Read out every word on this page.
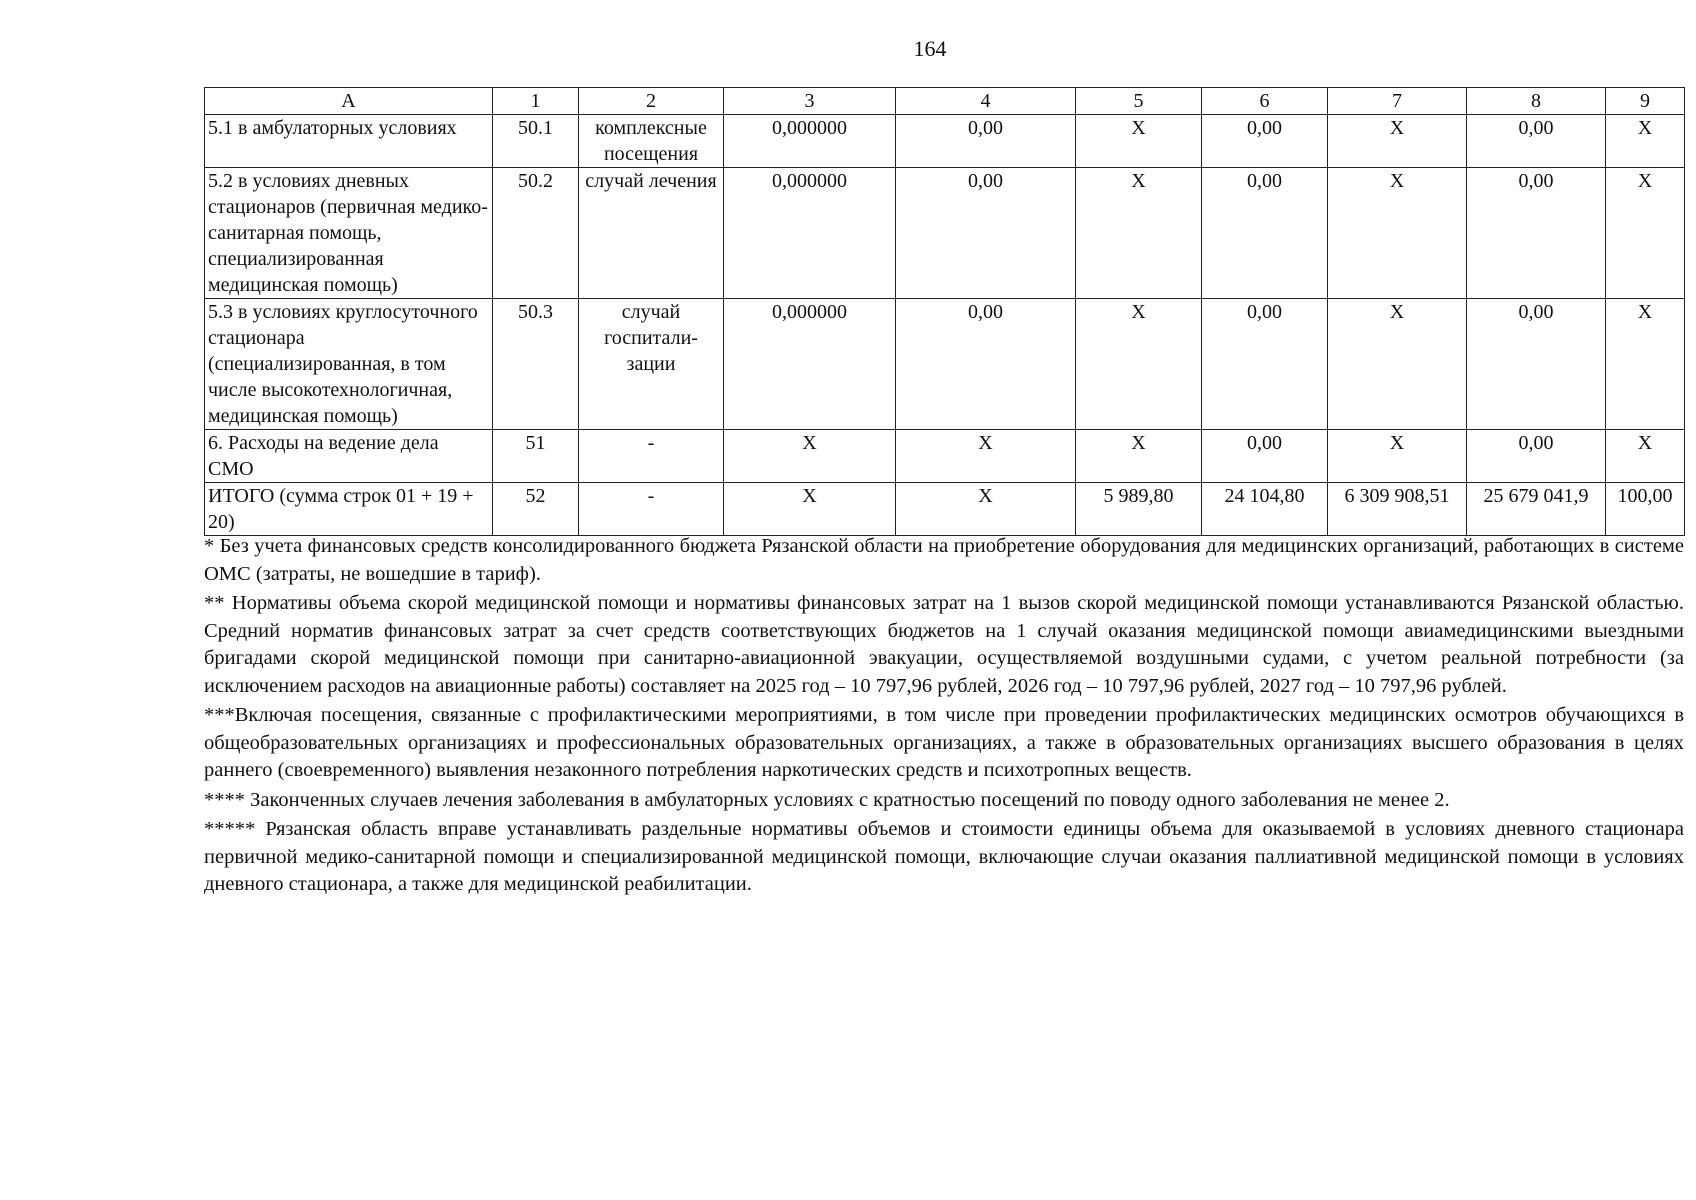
164
А	1	2	3	4	5	6	7	8	9
5.1 в амбулаторных условиях	50.1	комплексные посещения	0,000000	0,00	X	0,00	X	0,00	X
5.2 в условиях дневных стационаров (первичная медико-санитарная помощь, специализированная медицинская помощь)	50.2	случай лечения	0,000000	0,00	X	0,00	X	0,00	X
5.3 в условиях круглосуточного стационара (специализированная, в том числе высокотехнологичная, медицинская помощь)	50.3	случай госпитали-зации	0,000000	0,00	X	0,00	X	0,00	X
6. Расходы на ведение дела СМО	51	-	X	X	X	0,00	X	0,00	X
ИТОГО (сумма строк 01 + 19 + 20)	52	-	X	X	5 989,80	24 104,80	6 309 908,51	25 679 041,9	100,00

* Без учета финансовых средств консолидированного бюджета Рязанской области на приобретение оборудования для медицинских организаций, работающих в системе ОМС (затраты, не вошедшие в тариф).

** Нормативы объема скорой медицинской помощи и нормативы финансовых затрат на 1 вызов скорой медицинской помощи устанавливаются Рязанской областью. Средний норматив финансовых затрат за счет средств соответствующих бюджетов на 1 случай оказания медицинской помощи авиамедицинскими выездными бригадами скорой медицинской помощи при санитарно-авиационной эвакуации, осуществляемой воздушными судами, с учетом реальной потребности (за исключением расходов на авиационные работы) составляет на 2025 год – 10 797,96 рублей, 2026 год – 10 797,96 рублей, 2027 год – 10 797,96 рублей.

***Включая посещения, связанные с профилактическими мероприятиями, в том числе при проведении профилактических медицинских осмотров обучающихся в общеобразовательных организациях и профессиональных образовательных организациях, а также в образовательных организациях высшего образования в целях раннего (своевременного) выявления незаконного потребления наркотических средств и психотропных веществ.

**** Законченных случаев лечения заболевания в амбулаторных условиях с кратностью посещений по поводу одного заболевания не менее 2.

***** Рязанская область вправе устанавливать раздельные нормативы объемов и стоимости единицы объема для оказываемой в условиях дневного стационара первичной медико-санитарной помощи и специализированной медицинской помощи, включающие случаи оказания паллиативной медицинской помощи в условиях дневного стационара, а также для медицинской реабилитации.
